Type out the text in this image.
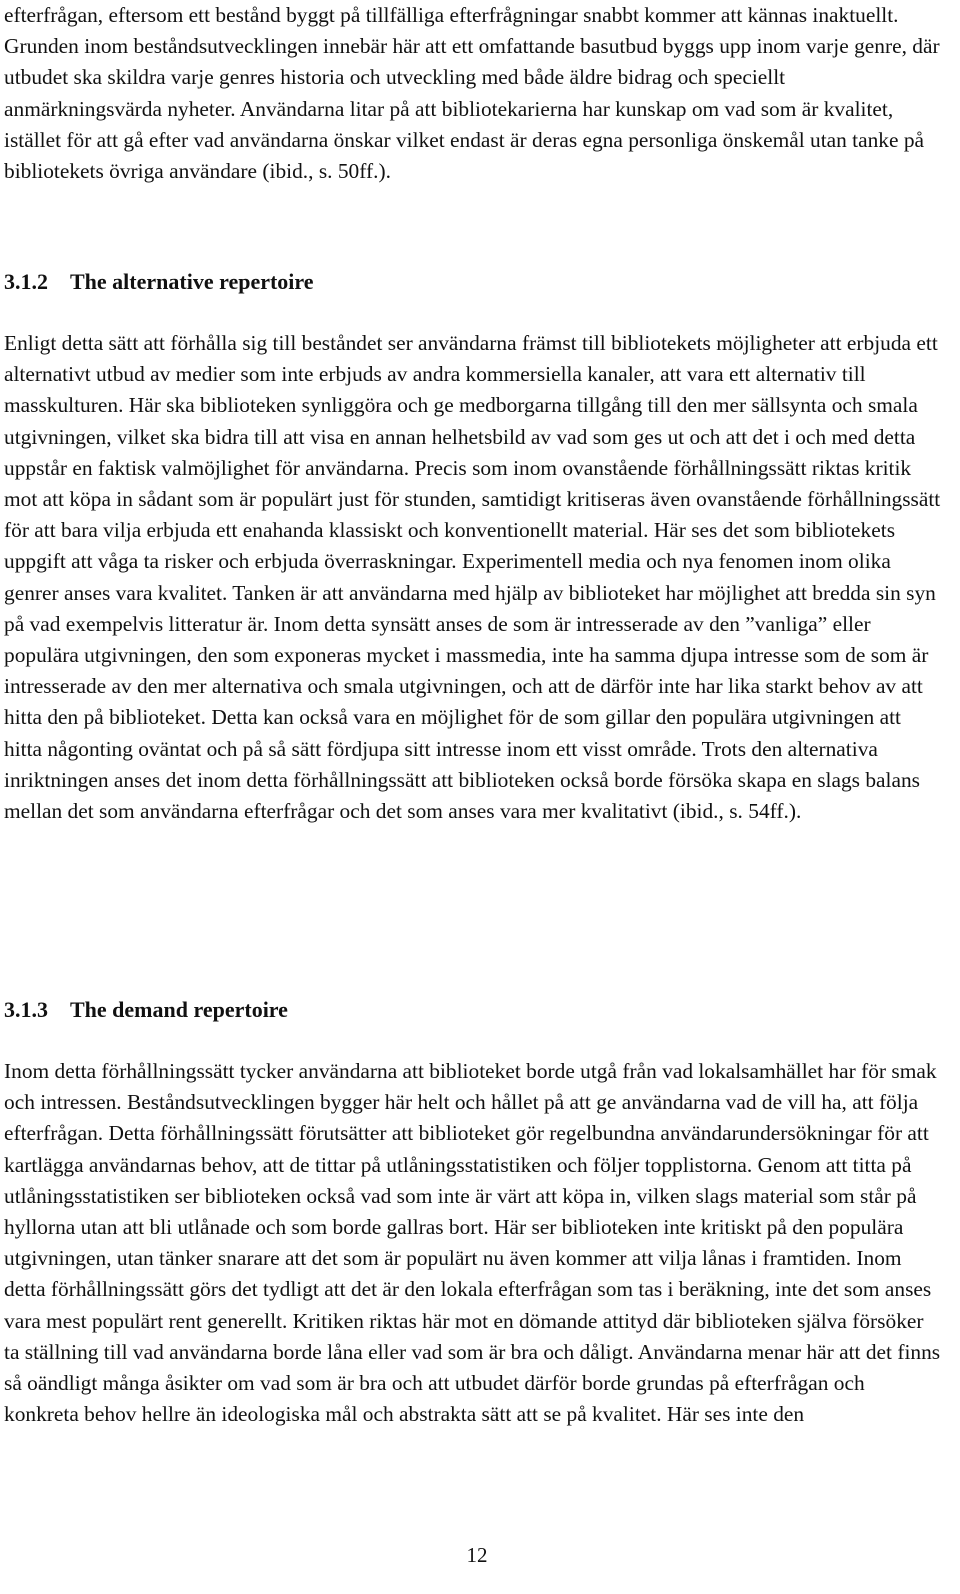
efterfrågan, eftersom ett bestånd byggt på tillfälliga efterfrågningar snabbt kommer att kännas inaktuellt. Grunden inom beståndsutvecklingen innebär här att ett omfattande basutbud byggs upp inom varje genre, där utbudet ska skildra varje genres historia och utveckling med både äldre bidrag och speciellt anmärkningsvärda nyheter. Användarna litar på att bibliotekarierna har kunskap om vad som är kvalitet, istället för att gå efter vad användarna önskar vilket endast är deras egna personliga önskemål utan tanke på bibliotekets övriga användare (ibid., s. 50ff.).

3.1.2 The alternative repertoire

Enligt detta sätt att förhålla sig till beståndet ser användarna främst till bibliotekets möjligheter att erbjuda ett alternativt utbud av medier som inte erbjuds av andra kommersiella kanaler, att vara ett alternativ till masskulturen. Här ska biblioteken synliggöra och ge medborgarna tillgång till den mer sällsynta och smala utgivningen, vilket ska bidra till att visa en annan helhetsbild av vad som ges ut och att det i och med detta uppstår en faktisk valmöjlighet för användarna. Precis som inom ovanstående förhållningssätt riktas kritik mot att köpa in sådant som är populärt just för stunden, samtidigt kritiseras även ovanstående förhållningssätt för att bara vilja erbjuda ett enahanda klassiskt och konventionellt material. Här ses det som bibliotekets uppgift att våga ta risker och erbjuda överraskningar. Experimentell media och nya fenomen inom olika genrer anses vara kvalitet. Tanken är att användarna med hjälp av biblioteket har möjlighet att bredda sin syn på vad exempelvis litteratur är. Inom detta synsätt anses de som är intresserade av den ”vanliga” eller populära utgivningen, den som exponeras mycket i massmedia, inte ha samma djupa intresse som de som är intresserade av den mer alternativa och smala utgivningen, och att de därför inte har lika starkt behov av att hitta den på biblioteket. Detta kan också vara en möjlighet för de som gillar den populära utgivningen att hitta någonting oväntat och på så sätt fördjupa sitt intresse inom ett visst område. Trots den alternativa inriktningen anses det inom detta förhållningssätt att biblioteken också borde försöka skapa en slags balans mellan det som användarna efterfrågar och det som anses vara mer kvalitativt (ibid., s. 54ff.).

3.1.3 The demand repertoire

Inom detta förhållningssätt tycker användarna att biblioteket borde utgå från vad lokalsamhället har för smak och intressen. Beståndsutvecklingen bygger här helt och hållet på att ge användarna vad de vill ha, att följa efterfrågan. Detta förhållningssätt förutsätter att biblioteket gör regelbundna användarundersökningar för att kartlägga användarnas behov, att de tittar på utlåningsstatistiken och följer topplistorna. Genom att titta på utlåningsstatistiken ser biblioteken också vad som inte är värt att köpa in, vilken slags material som står på hyllorna utan att bli utlånade och som borde gallras bort. Här ser biblioteken inte kritiskt på den populära utgivningen, utan tänker snarare att det som är populärt nu även kommer att vilja lånas i framtiden. Inom detta förhållningssätt görs det tydligt att det är den lokala efterfrågan som tas i beräkning, inte det som anses vara mest populärt rent generellt. Kritiken riktas här mot en dömande attityd där biblioteken själva försöker ta ställning till vad användarna borde låna eller vad som är bra och dåligt. Användarna menar här att det finns så oändligt många åsikter om vad som är bra och att utbudet därför borde grundas på efterfrågan och konkreta behov hellre än ideologiska mål och abstrakta sätt att se på kvalitet. Här ses inte den

12
